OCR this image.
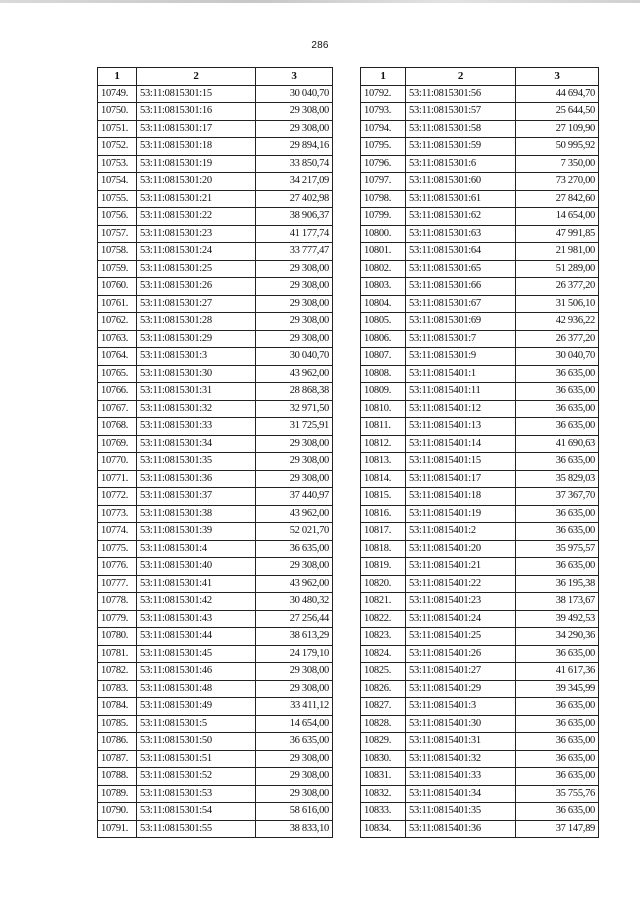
286
1	2	3
10749.	53:11:0815301:15	30 040,70
10750.	53:11:0815301:16	29 308,00
10751.	53:11:0815301:17	29 308,00
10752.	53:11:0815301:18	29 894,16
10753.	53:11:0815301:19	33 850,74
10754.	53:11:0815301:20	34 217,09
10755.	53:11:0815301:21	27 402,98
10756.	53:11:0815301:22	38 906,37
10757.	53:11:0815301:23	41 177,74
10758.	53:11:0815301:24	33 777,47
10759.	53:11:0815301:25	29 308,00
10760.	53:11:0815301:26	29 308,00
10761.	53:11:0815301:27	29 308,00
10762.	53:11:0815301:28	29 308,00
10763.	53:11:0815301:29	29 308,00
10764.	53:11:0815301:3	30 040,70
10765.	53:11:0815301:30	43 962,00
10766.	53:11:0815301:31	28 868,38
10767.	53:11:0815301:32	32 971,50
10768.	53:11:0815301:33	31 725,91
10769.	53:11:0815301:34	29 308,00
10770.	53:11:0815301:35	29 308,00
10771.	53:11:0815301:36	29 308,00
10772.	53:11:0815301:37	37 440,97
10773.	53:11:0815301:38	43 962,00
10774.	53:11:0815301:39	52 021,70
10775.	53:11:0815301:4	36 635,00
10776.	53:11:0815301:40	29 308,00
10777.	53:11:0815301:41	43 962,00
10778.	53:11:0815301:42	30 480,32
10779.	53:11:0815301:43	27 256,44
10780.	53:11:0815301:44	38 613,29
10781.	53:11:0815301:45	24 179,10
10782.	53:11:0815301:46	29 308,00
10783.	53:11:0815301:48	29 308,00
10784.	53:11:0815301:49	33 411,12
10785.	53:11:0815301:5	14 654,00
10786.	53:11:0815301:50	36 635,00
10787.	53:11:0815301:51	29 308,00
10788.	53:11:0815301:52	29 308,00
10789.	53:11:0815301:53	29 308,00
10790.	53:11:0815301:54	58 616,00
10791.	53:11:0815301:55	38 833,10
1	2	3
10792.	53:11:0815301:56	44 694,70
10793.	53:11:0815301:57	25 644,50
10794.	53:11:0815301:58	27 109,90
10795.	53:11:0815301:59	50 995,92
10796.	53:11:0815301:6	7 350,00
10797.	53:11:0815301:60	73 270,00
10798.	53:11:0815301:61	27 842,60
10799.	53:11:0815301:62	14 654,00
10800.	53:11:0815301:63	47 991,85
10801.	53:11:0815301:64	21 981,00
10802.	53:11:0815301:65	51 289,00
10803.	53:11:0815301:66	26 377,20
10804.	53:11:0815301:67	31 506,10
10805.	53:11:0815301:69	42 936,22
10806.	53:11:0815301:7	26 377,20
10807.	53:11:0815301:9	30 040,70
10808.	53:11:0815401:1	36 635,00
10809.	53:11:0815401:11	36 635,00
10810.	53:11:0815401:12	36 635,00
10811.	53:11:0815401:13	36 635,00
10812.	53:11:0815401:14	41 690,63
10813.	53:11:0815401:15	36 635,00
10814.	53:11:0815401:17	35 829,03
10815.	53:11:0815401:18	37 367,70
10816.	53:11:0815401:19	36 635,00
10817.	53:11:0815401:2	36 635,00
10818.	53:11:0815401:20	35 975,57
10819.	53:11:0815401:21	36 635,00
10820.	53:11:0815401:22	36 195,38
10821.	53:11:0815401:23	38 173,67
10822.	53:11:0815401:24	39 492,53
10823.	53:11:0815401:25	34 290,36
10824.	53:11:0815401:26	36 635,00
10825.	53:11:0815401:27	41 617,36
10826.	53:11:0815401:29	39 345,99
10827.	53:11:0815401:3	36 635,00
10828.	53:11:0815401:30	36 635,00
10829.	53:11:0815401:31	36 635,00
10830.	53:11:0815401:32	36 635,00
10831.	53:11:0815401:33	36 635,00
10832.	53:11:0815401:34	35 755,76
10833.	53:11:0815401:35	36 635,00
10834.	53:11:0815401:36	37 147,89
